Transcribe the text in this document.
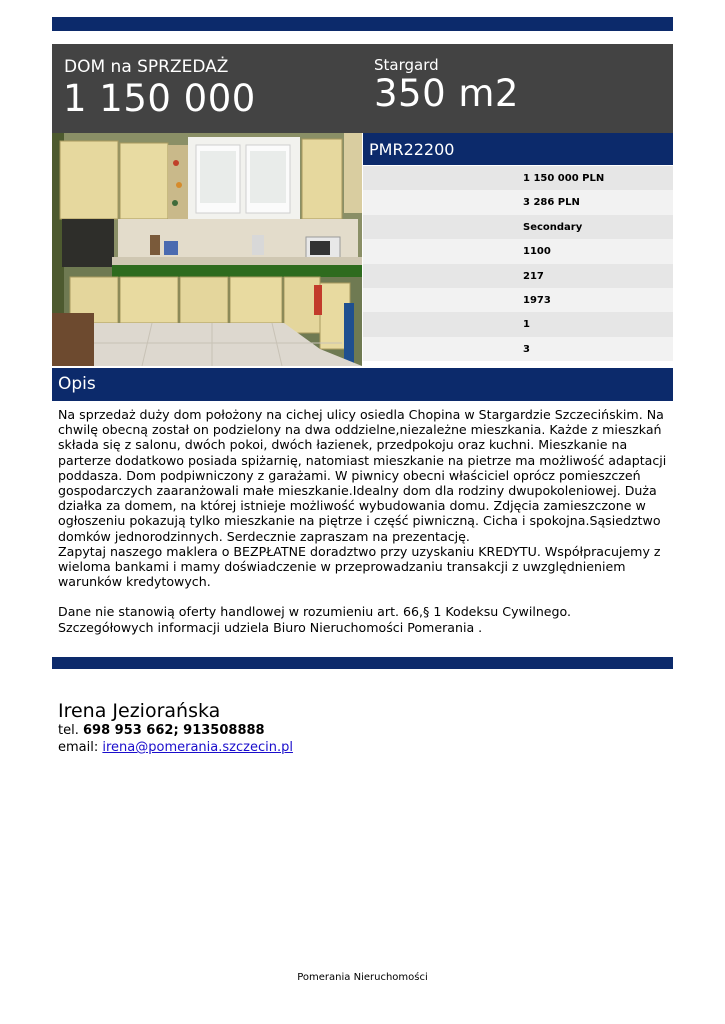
DOM na SPRZEDAŻ
1 150 000
Stargard
350 m2
PMR22200
1 150 000 PLN
3 286 PLN
Secondary
1100
217
1973
1
3
Opis

Na sprzedaż duży dom położony na cichej ulicy osiedla Chopina w Stargardzie Szczecińskim. Na chwilę obecną został on podzielony na dwa oddzielne,niezależne mieszkania. Każde z mieszkań składa się z salonu, dwóch pokoi, dwóch łazienek, przedpokoju oraz kuchni. Mieszkanie na parterze dodatkowo posiada spiżarnię, natomiast mieszkanie na pietrze ma możliwość adaptacji poddasza. Dom podpiwniczony z garażami. W piwnicy obecni właściciel oprócz pomieszczeń gospodarczych zaaranżowali małe mieszkanie.Idealny dom dla rodziny dwupokoleniowej. Duża działka za domem, na której istnieje możliwość wybudowania domu. Zdjęcia zamieszczone w ogłoszeniu pokazują tylko mieszkanie na piętrze i część piwniczną. Cicha i spokojna.Sąsiedztwo domków jednorodzinnych. Serdecznie zapraszam na prezentację.

Zapytaj naszego maklera o BEZPŁATNE doradztwo przy uzyskaniu KREDYTU. Współpracujemy z wieloma bankami i mamy doświadczenie w przeprowadzaniu transakcji z uwzględnieniem warunków kredytowych.

Dane nie stanowią oferty handlowej w rozumieniu art. 66,§ 1 Kodeksu Cywilnego. Szczegółowych informacji udziela Biuro Nieruchomości Pomerania .

Irena Jeziorańska
tel. 698 953 662; 913508888
email: irena@pomerania.szczecin.pl
Pomerania Nieruchomości
